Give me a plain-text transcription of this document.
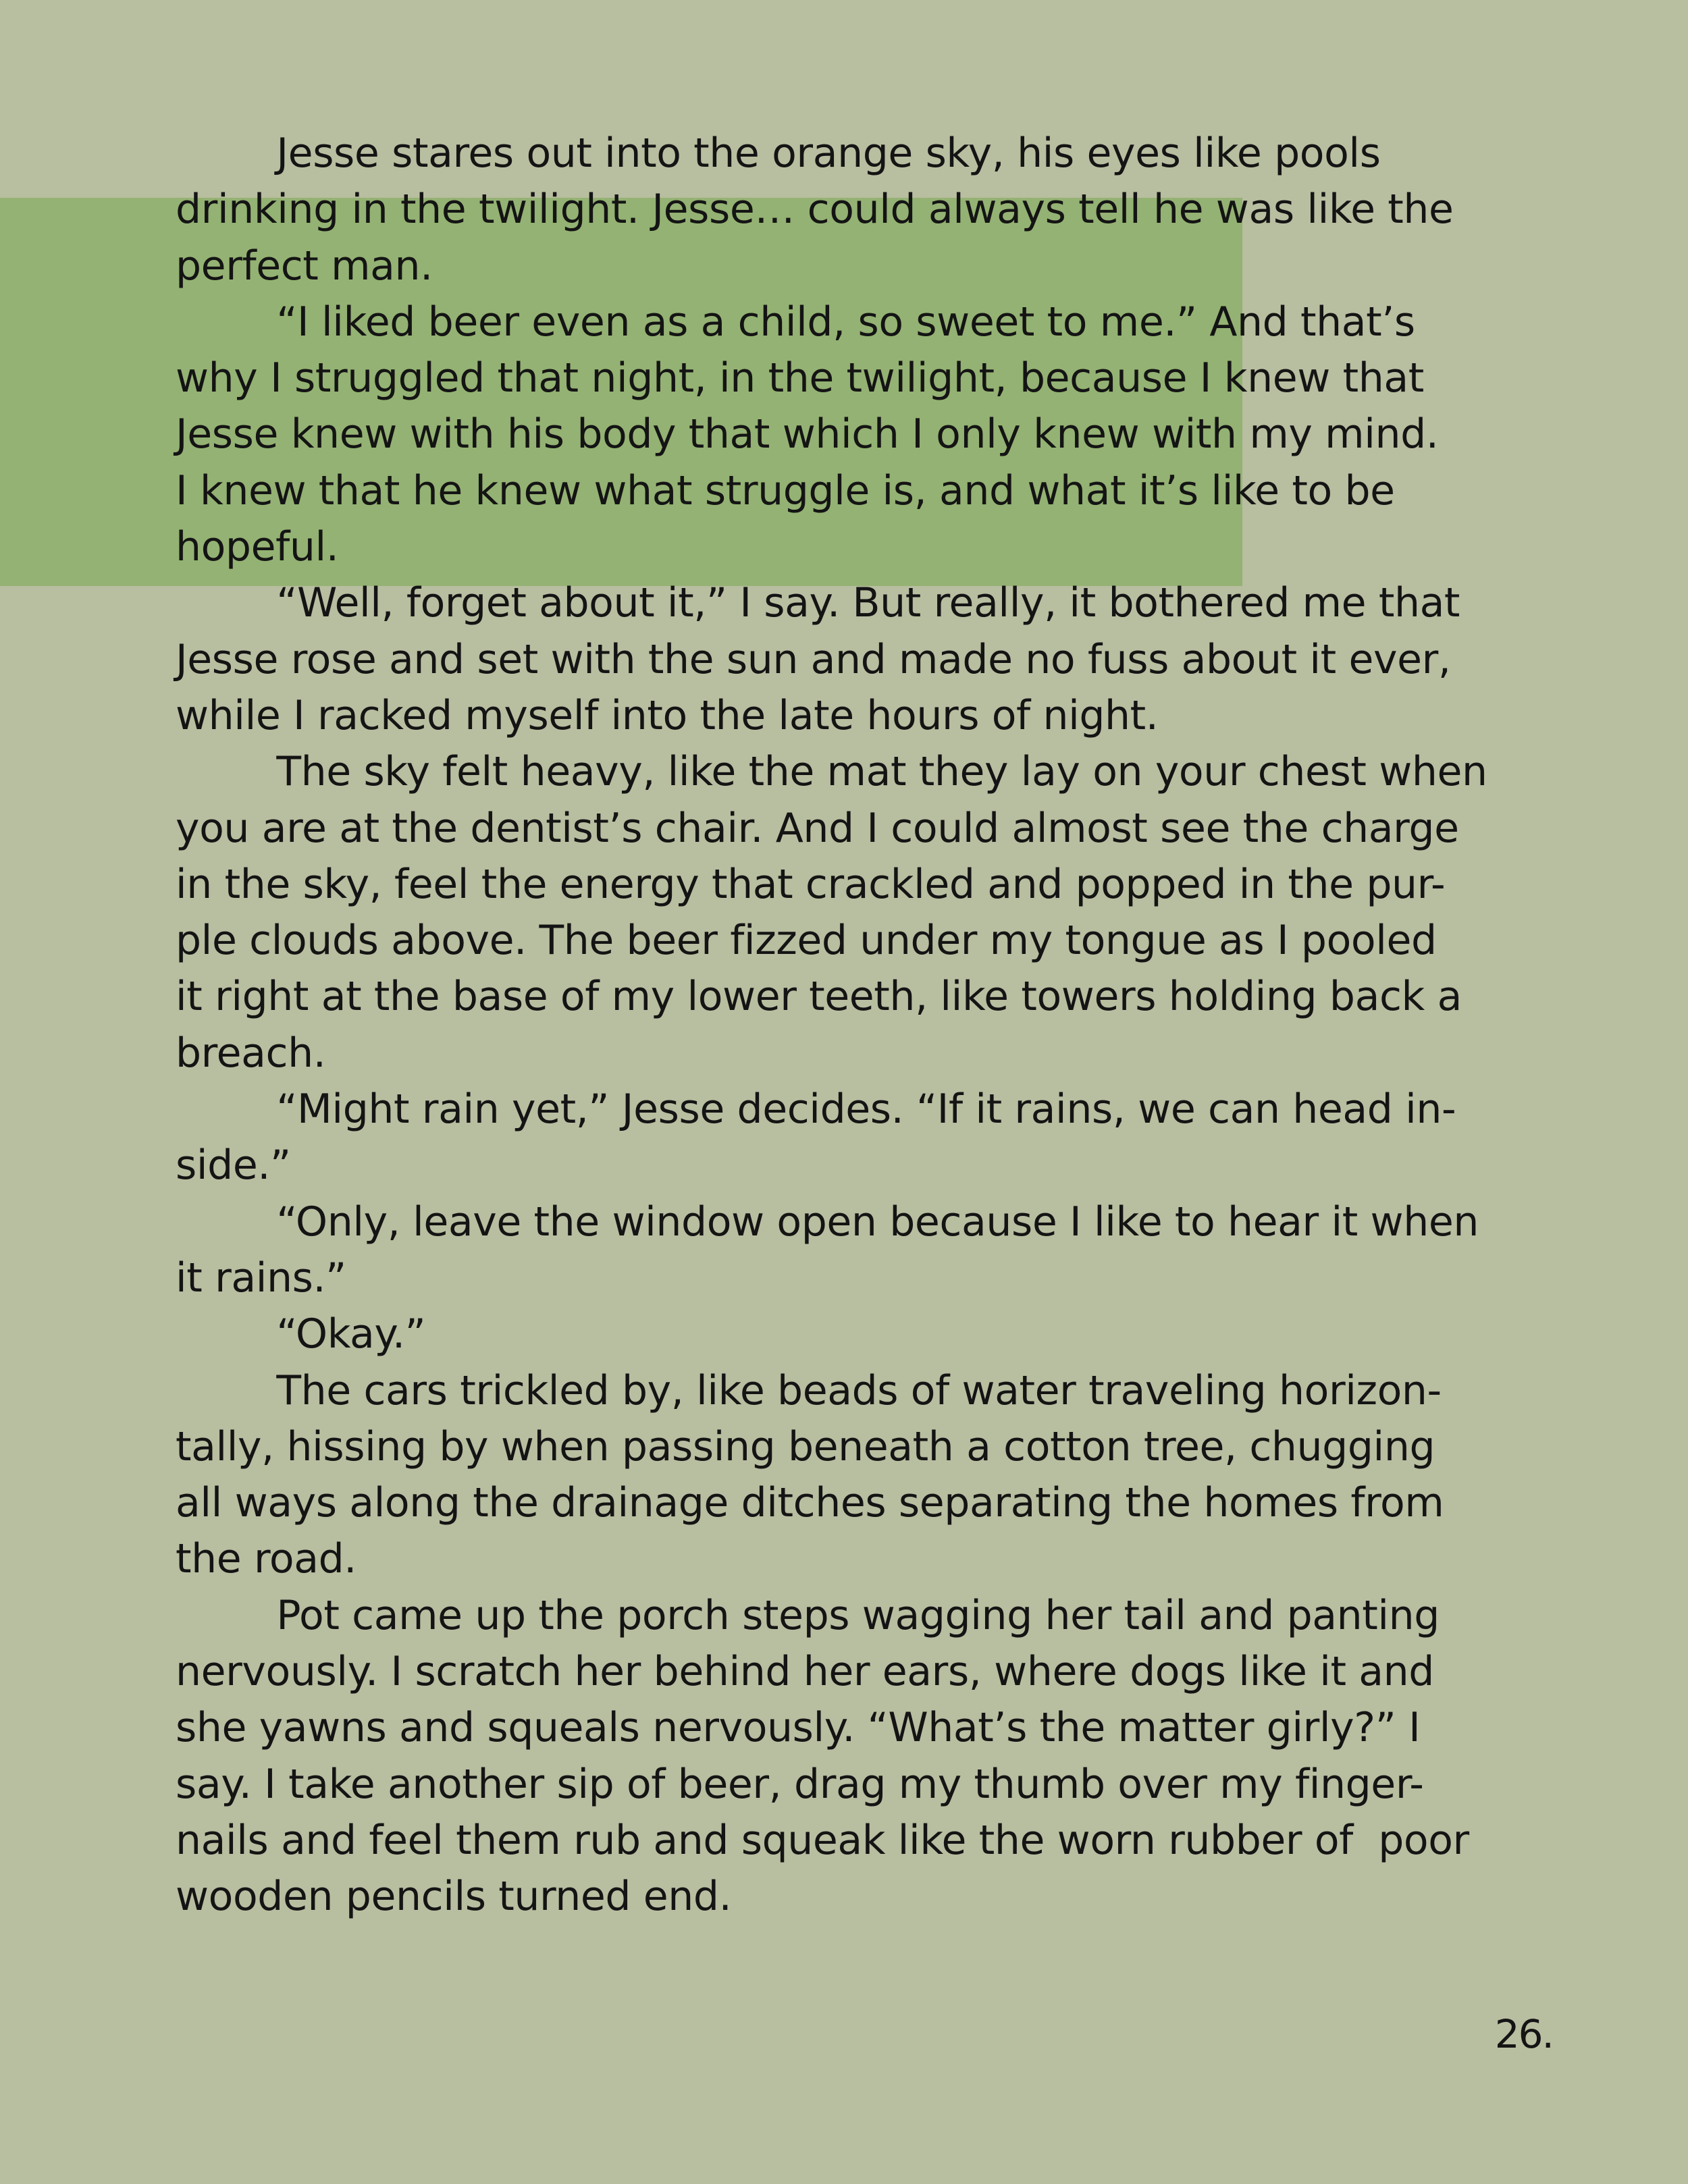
Jesse stares out into the orange sky, his eyes like pools
drinking in the twilight. Jesse… could always tell he was like the
perfect man.
“I liked beer even as a child, so sweet to me.” And that’s
why I struggled that night, in the twilight, because I knew that
Jesse knew with his body that which I only knew with my mind.
I knew that he knew what struggle is, and what it’s like to be
hopeful.
“Well, forget about it,” I say. But really, it bothered me that
Jesse rose and set with the sun and made no fuss about it ever,
while I racked myself into the late hours of night.
The sky felt heavy, like the mat they lay on your chest when
you are at the dentist’s chair. And I could almost see the charge
in the sky, feel the energy that crackled and popped in the pur-
ple clouds above. The beer fizzed under my tongue as I pooled
it right at the base of my lower teeth, like towers holding back a
breach.
“Might rain yet,” Jesse decides. “If it rains, we can head in-
side.”
“Only, leave the window open because I like to hear it when
it rains.”
“Okay.”
The cars trickled by, like beads of water traveling horizon-
tally, hissing by when passing beneath a cotton tree, chugging
all ways along the drainage ditches separating the homes from
the road.
Pot came up the porch steps wagging her tail and panting
nervously. I scratch her behind her ears, where dogs like it and
she yawns and squeals nervously. “What’s the matter girly?” I
say. I take another sip of beer, drag my thumb over my finger-
nails and feel them rub and squeak like the worn rubber of  poor
wooden pencils turned end.
26.
